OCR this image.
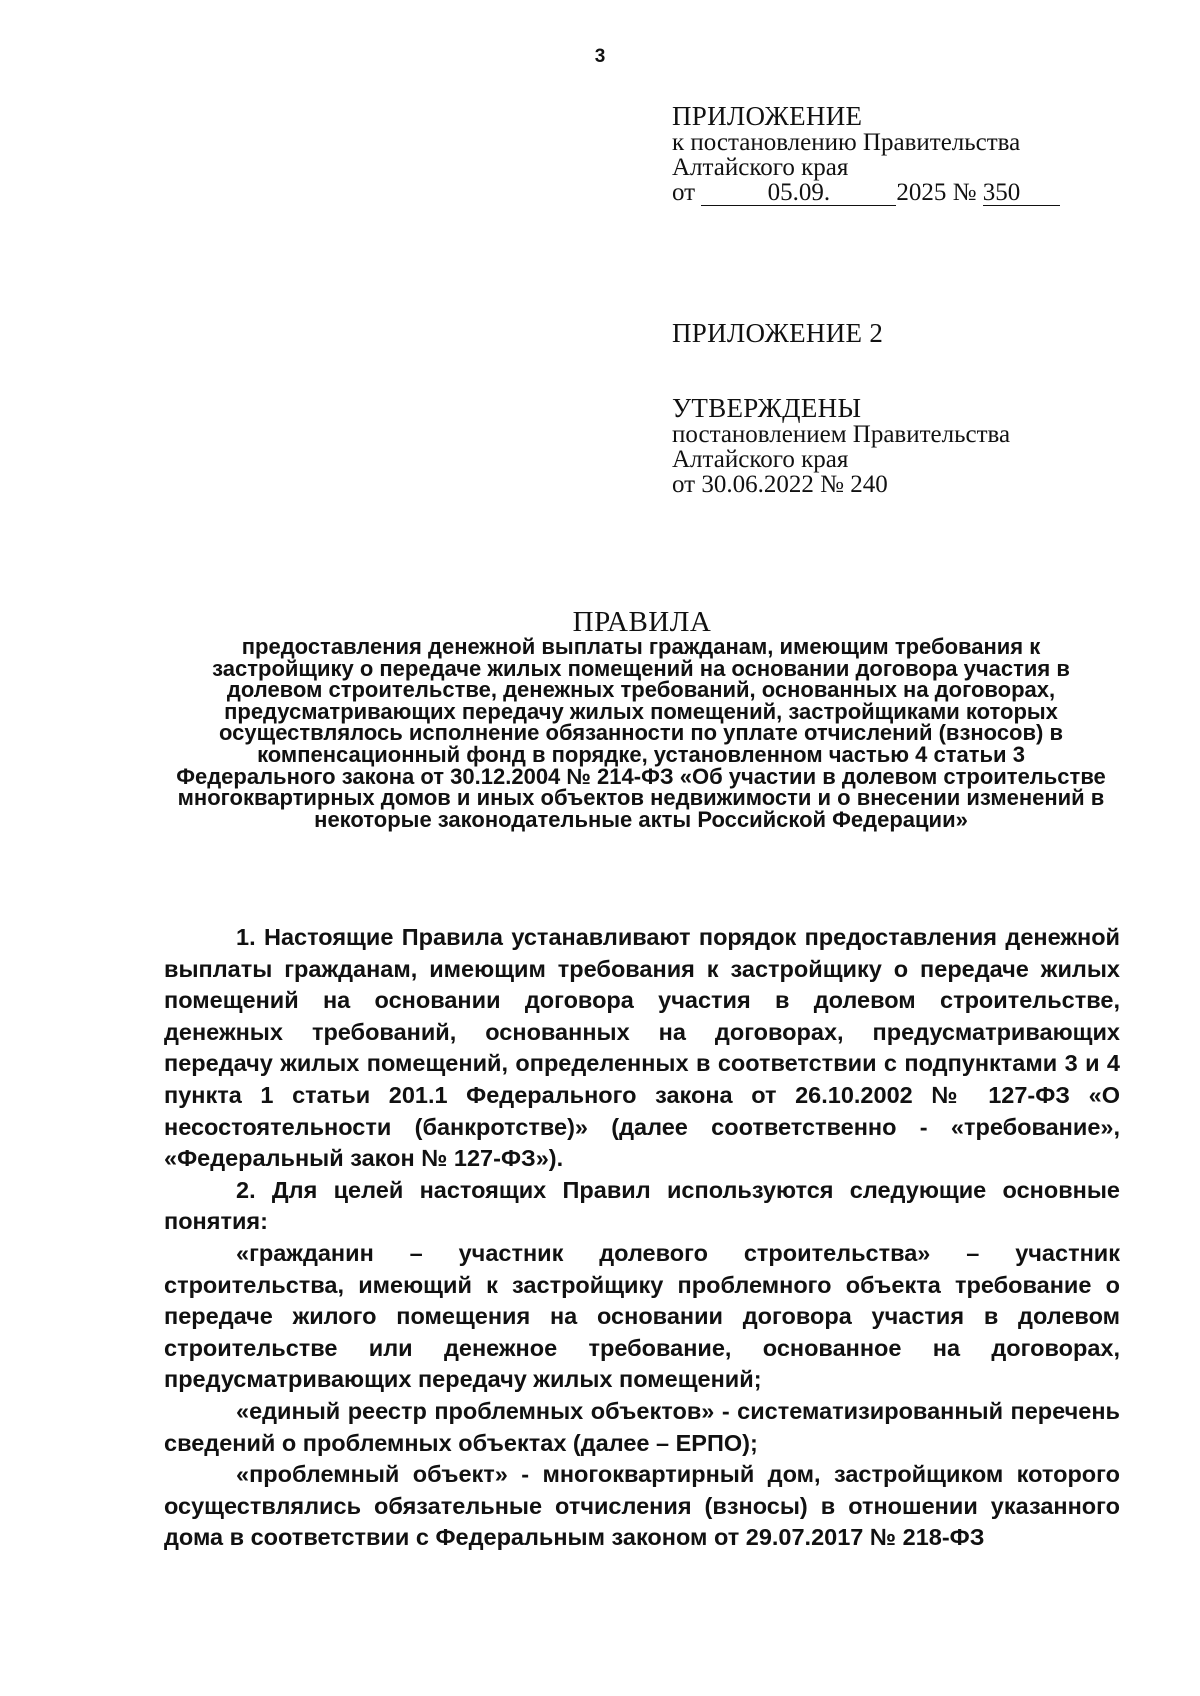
3
ПРИЛОЖЕНИЕ
к постановлению Правительства
Алтайского края
от	05.09.	2025 № 350
ПРИЛОЖЕНИЕ 2
УТВЕРЖДЕНЫ
постановлением Правительства
Алтайского края
от 30.06.2022 № 240
ПРАВИЛА
предоставления денежной выплаты гражданам, имеющим требования к застройщику о передаче жилых помещений на основании договора участия в долевом строительстве, денежных требований, основанных на договорах, предусматривающих передачу жилых помещений, застройщиками которых осуществлялось исполнение обязанности по уплате отчислений (взносов) в компенсационный фонд в порядке, установленном частью 4 статьи 3 Федерального закона от 30.12.2004 № 214-ФЗ «Об участии в долевом строительстве многоквартирных домов и иных объектов недвижимости и о внесении изменений в некоторые законодательные акты Российской Федерации»

1. Настоящие Правила устанавливают порядок предоставления денежной выплаты гражданам, имеющим требования к застройщику о передаче жилых помещений на основании договора участия в долевом строительстве, денежных требований, основанных на договорах, предусматривающих передачу жилых помещений, определенных в соответствии с подпунктами 3 и 4 пункта 1 статьи 201.1 Федерального закона от 26.10.2002 № 127-ФЗ «О несостоятельности (банкротстве)» (далее соответственно - «требование», «Федеральный закон № 127-ФЗ»).

2. Для целей настоящих Правил используются следующие основные понятия:

«гражданин – участник долевого строительства» – участник строительства, имеющий к застройщику проблемного объекта требование о передаче жилого помещения на основании договора участия в долевом строительстве или денежное требование, основанное на договорах, предусматривающих передачу жилых помещений;

«единый реестр проблемных объектов» - систематизированный перечень сведений о проблемных объектах (далее – ЕРПО);

«проблемный объект» - многоквартирный дом, застройщиком которого осуществлялись обязательные отчисления (взносы) в отношении указанного дома в соответствии с Федеральным законом от 29.07.2017 № 218-ФЗ
